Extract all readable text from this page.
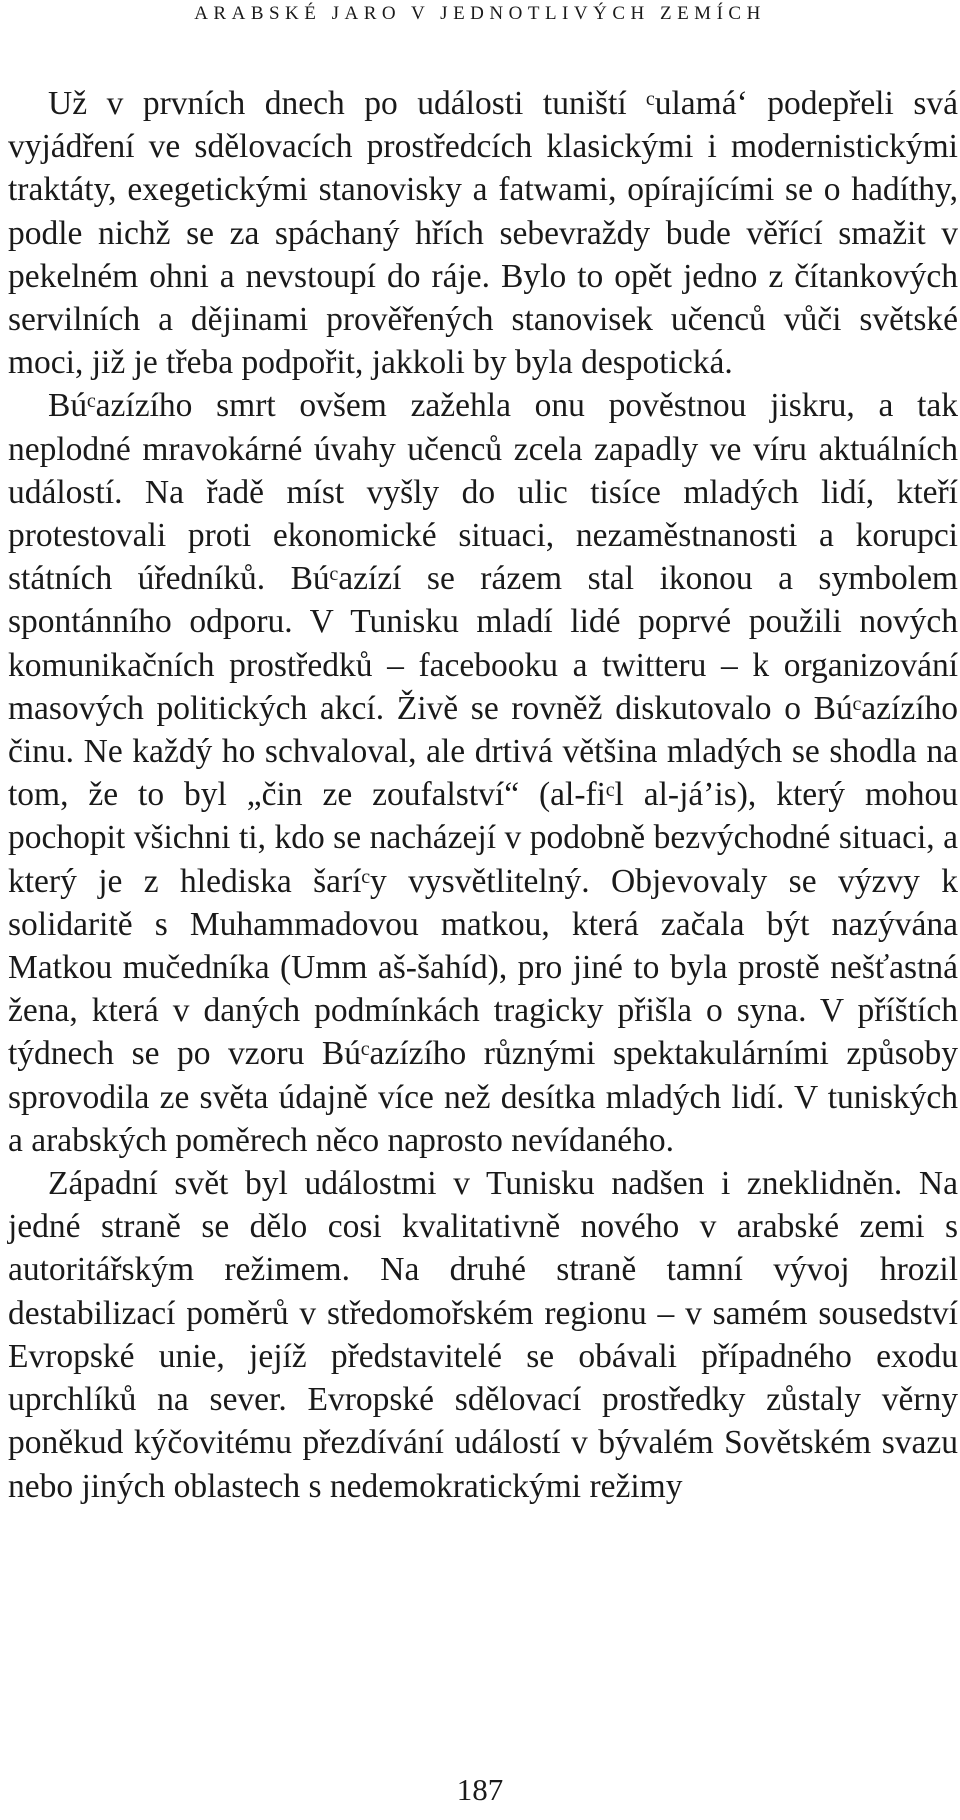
ARABSKÉ JARO V JEDNOTLIVÝCH ZEMÍCH

Už v prvních dnech po události tuniští ᶜulamá‘ podepřeli svá vyjádření ve sdělovacích prostředcích klasickými i modernistickými traktáty, exegetickými stanovisky a fatwami, opírajícími se o hadíthy, podle nichž se za spáchaný hřích sebevraždy bude věřící smažit v pekelném ohni a nevstoupí do ráje. Bylo to opět jedno z čítankových servilních a dějinami prověřených stanovisek učenců vůči světské moci, již je třeba podpořit, jakkoli by byla despotická.

Búᶜazízího smrt ovšem zažehla onu pověstnou jiskru, a tak neplodné mravokárné úvahy učenců zcela zapadly ve víru aktuálních událostí. Na řadě míst vyšly do ulic tisíce mladých lidí, kteří protestovali proti ekonomické situaci, nezaměstnanosti a korupci státních úředníků. Búᶜazízí se rázem stal ikonou a symbolem spontánního odporu. V Tunisku mladí lidé poprvé použili nových komunikačních prostředků – facebooku a twitteru – k organizování masových politických akcí. Živě se rovněž diskutovalo o Búᶜazízího činu. Ne každý ho schvaloval, ale drtivá většina mladých se shodla na tom, že to byl „čin ze zoufalství“ (al-fiᶜl al-já’is), který mohou pochopit všichni ti, kdo se nacházejí v podobně bezvýchodné situaci, a který je z hlediska šaríᶜy vysvětlitelný. Objevovaly se výzvy k solidaritě s Muhammadovou matkou, která začala být nazývána Matkou mučedníka (Umm aš-šahíd), pro jiné to byla prostě nešťastná žena, která v daných podmínkách tragicky přišla o syna. V příštích týdnech se po vzoru Búᶜazízího různými spektakulárními způsoby sprovodila ze světa údajně více než desítka mladých lidí. V tuniských a arabských poměrech něco naprosto nevídaného.

Západní svět byl událostmi v Tunisku nadšen i zneklidněn. Na jedné straně se dělo cosi kvalitativně nového v arabské zemi s autoritářským režimem. Na druhé straně tamní vývoj hrozil destabilizací poměrů v středomořském regionu – v samém sousedství Evropské unie, jejíž představitelé se obávali případného exodu uprchlíků na sever. Evropské sdělovací prostředky zůstaly věrny poněkud kýčovitému přezdívání událostí v bývalém Sovětském svazu nebo jiných oblastech s nedemokratickými režimy

187
